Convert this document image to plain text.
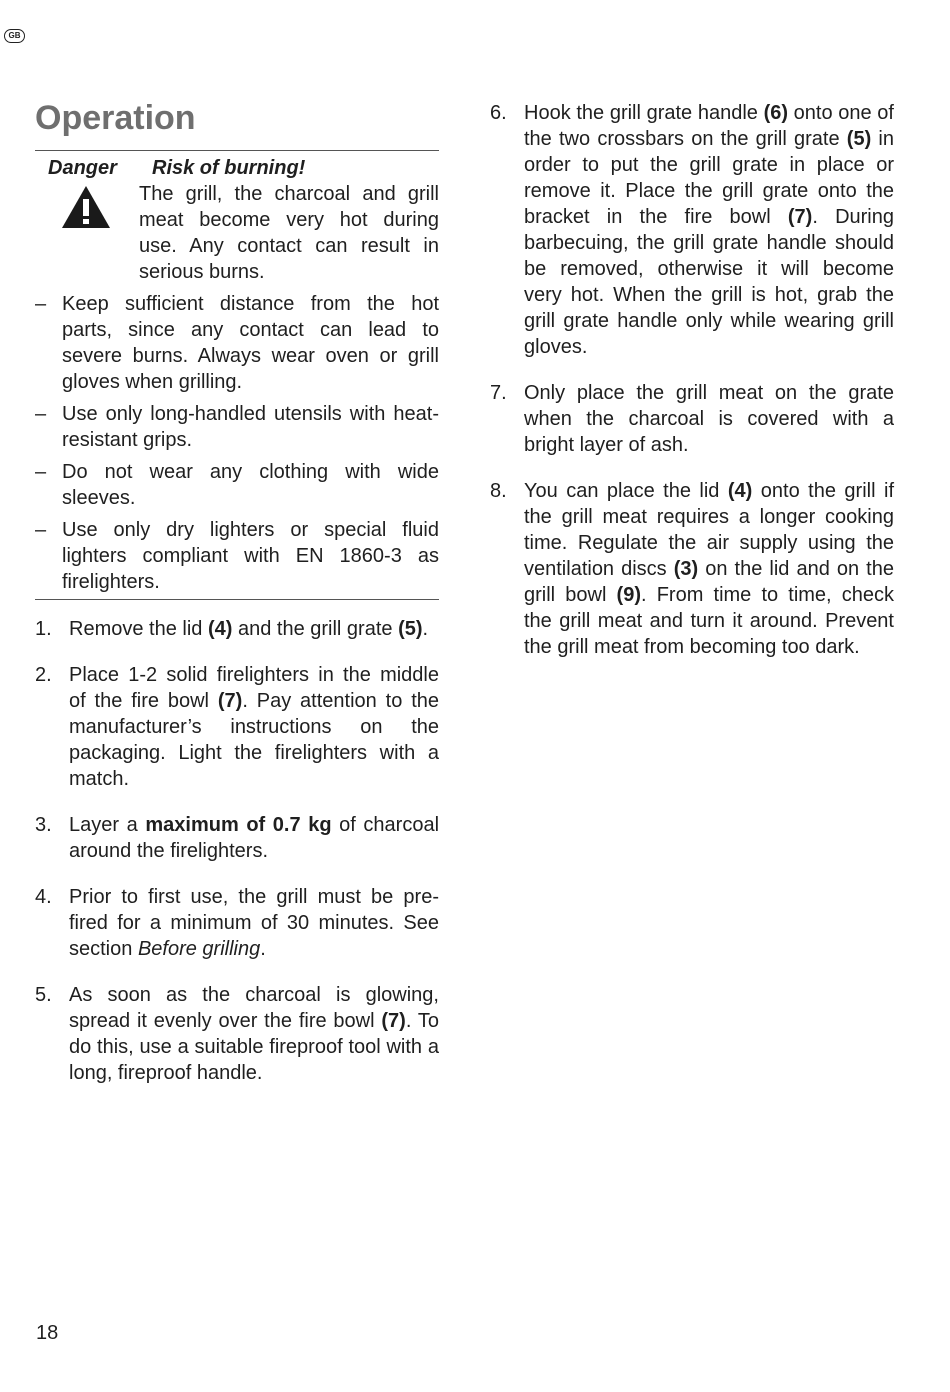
GB
Operation
Danger	Risk of burning!
The grill, the charcoal and grill meat become very hot during use. Any contact can result in serious burns.
– Keep sufficient distance from the hot parts, since any contact can lead to severe burns. Always wear oven or grill gloves when grilling.
– Use only long-handled utensils with heat-resistant grips.
– Do not wear any clothing with wide sleeves.
– Use only dry lighters or special fluid lighters compliant with EN 1860-3 as firelighters.
1. Remove the lid (4) and the grill grate (5).
2. Place 1-2 solid firelighters in the middle of the fire bowl (7). Pay attention to the manufacturer’s instructions on the packaging. Light the firelighters with a match.
3. Layer a maximum of 0.7 kg of charcoal around the firelighters.
4. Prior to first use, the grill must be pre-fired for a minimum of 30 minutes. See section Before grilling.
5. As soon as the charcoal is glowing, spread it evenly over the fire bowl (7). To do this, use a suitable fireproof tool with a long, fireproof handle.
6. Hook the grill grate handle (6) onto one of the two crossbars on the grill grate (5) in order to put the grill grate in place or remove it. Place the grill grate onto the bracket in the fire bowl (7). During barbecuing, the grill grate handle should be removed, otherwise it will become very hot. When the grill is hot, grab the grill grate handle only while wearing grill gloves.
7. Only place the grill meat on the grate when the charcoal is covered with a bright layer of ash.
8. You can place the lid (4) onto the grill if the grill meat requires a longer cooking time. Regulate the air supply using the ventilation discs (3) on the lid and on the grill bowl (9). From time to time, check the grill meat and turn it around. Prevent the grill meat from becoming too dark.
18
